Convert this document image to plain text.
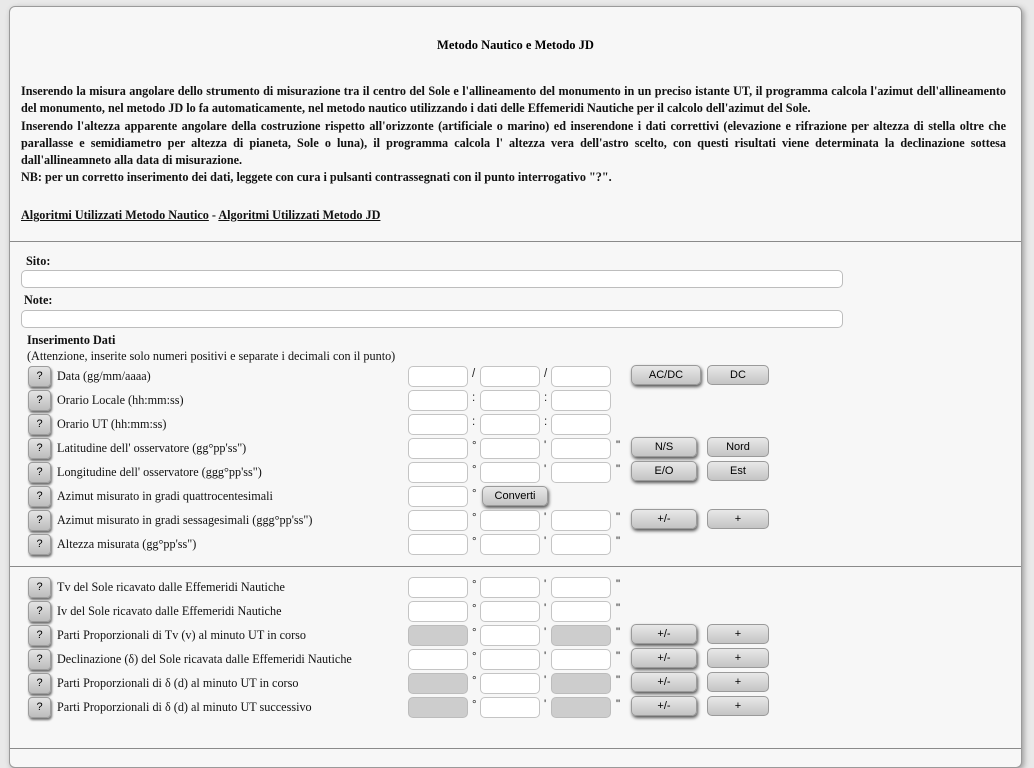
Metodo Nautico e Metodo JD
Inserendo la misura angolare dello strumento di misurazione tra il centro del Sole e l'allineamento del monumento in un preciso istante UT, il programma calcola l'azimut dell'allineamento del monumento, nel metodo JD lo fa automaticamente, nel metodo nautico utilizzando i dati delle Effemeridi Nautiche per il calcolo dell'azimut del Sole.
Inserendo l'altezza apparente angolare della costruzione rispetto all'orizzonte (artificiale o marino) ed inserendone i dati correttivi (elevazione e rifrazione per altezza di stella oltre che parallasse e semidiametro per altezza di pianeta, Sole o luna), il programma calcola l' altezza vera dell'astro scelto, con questi risultati viene determinata la declinazione sottesa dall'allineamneto alla data di misurazione.
NB: per un corretto inserimento dei dati, leggete con cura i pulsanti contrassegnati con il punto interrogativo "?".
Algoritmi Utilizzati Metodo Nautico - Algoritmi Utilizzati Metodo JD
Sito:
Note:
Inserimento Dati
(Attenzione, inserite solo numeri positivi e separate i decimali con il punto)
?	Data (gg/mm/aaaa)	/	/	AC/DC	DC
?	Orario Locale (hh:mm:ss)	:	:
?	Orario UT (hh:mm:ss)	:	:
?	Latitudine dell' osservatore (gg°pp'ss")	°	'	"	N/S	Nord
?	Longitudine dell' osservatore (ggg°pp'ss")	°	'	"	E/O	Est
?	Azimut misurato in gradi quattrocentesimali	°	Converti
?	Azimut misurato in gradi sessagesimali (ggg°pp'ss")	°	'	"	+/-	+
?	Altezza misurata (gg°pp'ss")	°	'	"
?	Tv del Sole ricavato dalle Effemeridi Nautiche	°	'	"
?	Iv del Sole ricavato dalle Effemeridi Nautiche	°	'	"
?	Parti Proporzionali di Tv (v) al minuto UT in corso	°	'	"	+/-	+
?	Declinazione (δ) del Sole ricavata dalle Effemeridi Nautiche	°	'	"	+/-	+
?	Parti Proporzionali di δ (d) al minuto UT in corso	°	'	"	+/-	+
?	Parti Proporzionali di δ (d) al minuto UT successivo	°	'	"	+/-	+
